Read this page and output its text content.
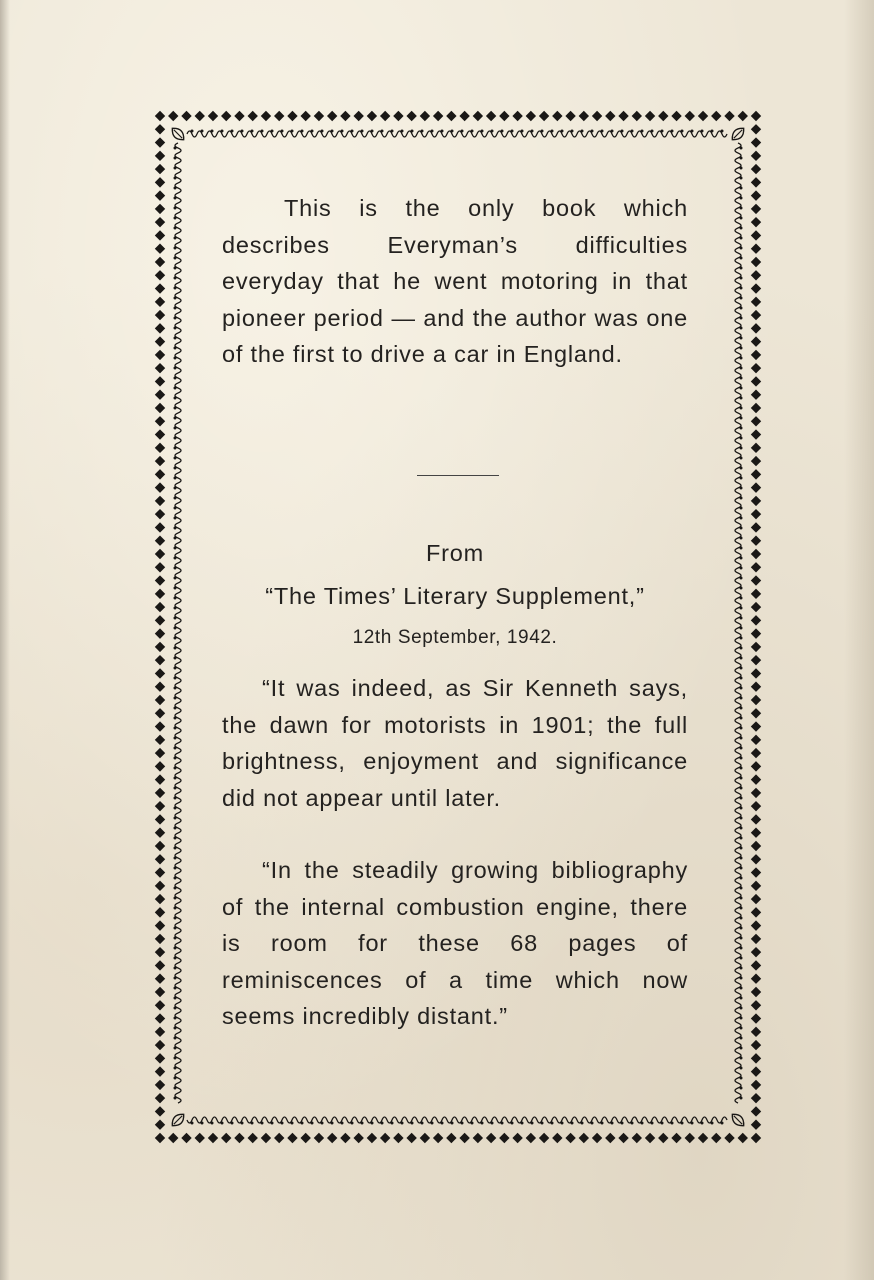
This is the only book which describes Everyman’s difficulties everyday that he went motoring in that pioneer period — and the author was one of the first to drive a car in England.

From

“The Times’ Literary Supplement,”

12th September, 1942.

“It was indeed, as Sir Kenneth says, the dawn for motorists in 1901; the full brightness, enjoyment and significance did not appear until later.

“In the steadily growing bibliography of the internal combustion engine, there is room for these 68 pages of reminiscences of a time which now seems incredibly distant.”
